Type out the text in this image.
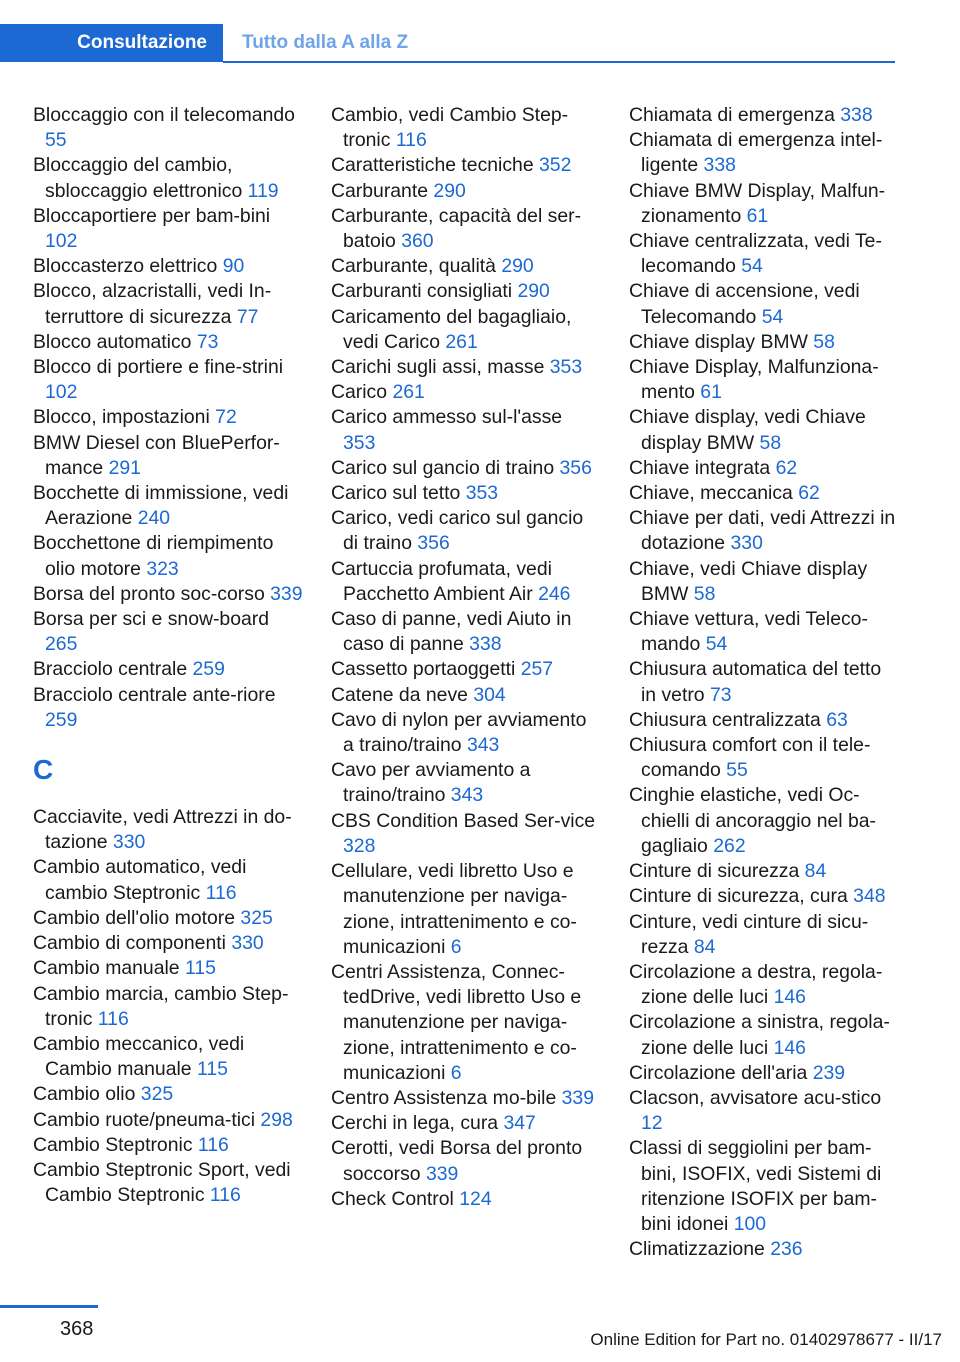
Consultazione Tutto dalla A alla Z
Bloccaggio con il telecomando 55
Bloccaggio del cambio, sbloccaggio elettronico 119
Bloccaportiere per bam-bini 102
Bloccasterzo elettrico 90
Blocco, alzacristalli, vedi In-terruttore di sicurezza 77
Blocco automatico 73
Blocco di portiere e fine-strini 102
Blocco, impostazioni 72
BMW Diesel con BluePerfor-mance 291
Bocchette di immissione, vedi Aerazione 240
Bocchettone di riempimento olio motore 323
Borsa del pronto soc-corso 339
Borsa per sci e snow-board 265
Bracciolo centrale 259
Bracciolo centrale ante-riore 259
C
Cacciavite, vedi Attrezzi in do-tazione 330
Cambio automatico, vedi cambio Steptronic 116
Cambio dell'olio motore 325
Cambio di componenti 330
Cambio manuale 115
Cambio marcia, cambio Step-tronic 116
Cambio meccanico, vedi Cambio manuale 115
Cambio olio 325
Cambio ruote/pneuma-tici 298
Cambio Steptronic 116
Cambio Steptronic Sport, vedi Cambio Steptronic 116
Cambio, vedi Cambio Step-tronic 116
Caratteristiche tecniche 352
Carburante 290
Carburante, capacità del ser-batoio 360
Carburante, qualità 290
Carburanti consigliati 290
Caricamento del bagagliaio, vedi Carico 261
Carichi sugli assi, masse 353
Carico 261
Carico ammesso sul-l'asse 353
Carico sul gancio di traino 356
Carico sul tetto 353
Carico, vedi carico sul gancio di traino 356
Cartuccia profumata, vedi Pacchetto Ambient Air 246
Caso di panne, vedi Aiuto in caso di panne 338
Cassetto portaoggetti 257
Catene da neve 304
Cavo di nylon per avviamento a traino/traino 343
Cavo per avviamento a traino/traino 343
CBS Condition Based Ser-vice 328
Cellulare, vedi libretto Uso e manutenzione per naviga-zione, intrattenimento e co-municazioni 6
Centri Assistenza, Connec-tedDrive, vedi libretto Uso e manutenzione per naviga-zione, intrattenimento e co-municazioni 6
Centro Assistenza mo-bile 339
Cerchi in lega, cura 347
Cerotti, vedi Borsa del pronto soccorso 339
Check Control 124
Chiamata di emergenza 338
Chiamata di emergenza intel-ligente 338
Chiave BMW Display, Malfun-zionamento 61
Chiave centralizzata, vedi Te-lecomando 54
Chiave di accensione, vedi Telecomando 54
Chiave display BMW 58
Chiave Display, Malfunziona-mento 61
Chiave display, vedi Chiave display BMW 58
Chiave integrata 62
Chiave, meccanica 62
Chiave per dati, vedi Attrezzi in dotazione 330
Chiave, vedi Chiave display BMW 58
Chiave vettura, vedi Teleco-mando 54
Chiusura automatica del tetto in vetro 73
Chiusura centralizzata 63
Chiusura comfort con il tele-comando 55
Cinghie elastiche, vedi Oc-chielli di ancoraggio nel ba-gagliaio 262
Cinture di sicurezza 84
Cinture di sicurezza, cura 348
Cinture, vedi cinture di sicu-rezza 84
Circolazione a destra, regola-zione delle luci 146
Circolazione a sinistra, regola-zione delle luci 146
Circolazione dell'aria 239
Clacson, avvisatore acu-stico 12
Classi di seggiolini per bam-bini, ISOFIX, vedi Sistemi di ritenzione ISOFIX per bam-bini idonei 100
Climatizzazione 236
368	Online Edition for Part no. 01402978677 - II/17
